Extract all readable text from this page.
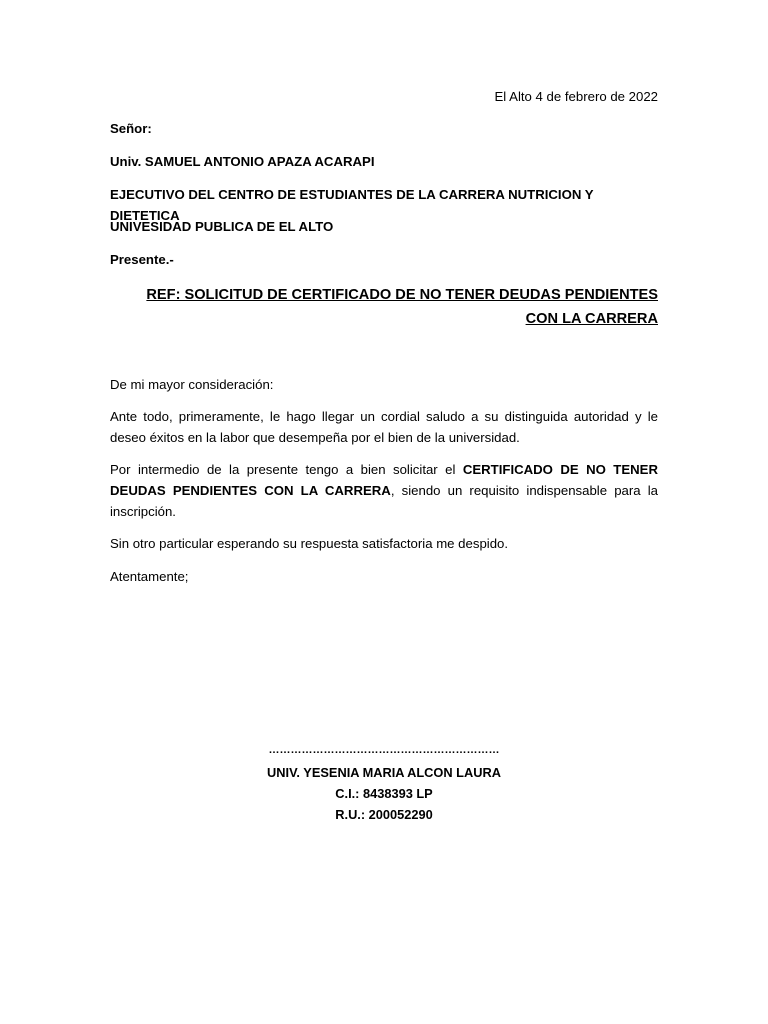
El Alto 4 de febrero de 2022

Señor:

Univ. SAMUEL ANTONIO APAZA ACARAPI

EJECUTIVO DEL CENTRO DE ESTUDIANTES DE LA CARRERA NUTRICION Y DIETETICA

UNIVESIDAD PUBLICA DE EL ALTO

Presente.-

REF: SOLICITUD DE CERTIFICADO DE NO TENER DEUDAS PENDIENTES
CON LA CARRERA

De mi mayor consideración:

Ante todo, primeramente, le hago llegar un cordial saludo a su distinguida autoridad y le deseo éxitos en la labor que desempeña por el bien de la universidad.

Por intermedio de la presente tengo a bien solicitar el CERTIFICADO DE NO TENER DEUDAS PENDIENTES CON LA CARRERA, siendo un requisito indispensable para la inscripción.

Sin otro particular esperando su respuesta satisfactoria me despido.

Atentamente;

………………………………………………………

UNIV. YESENIA MARIA ALCON LAURA

C.I.: 8438393 LP

R.U.: 200052290
